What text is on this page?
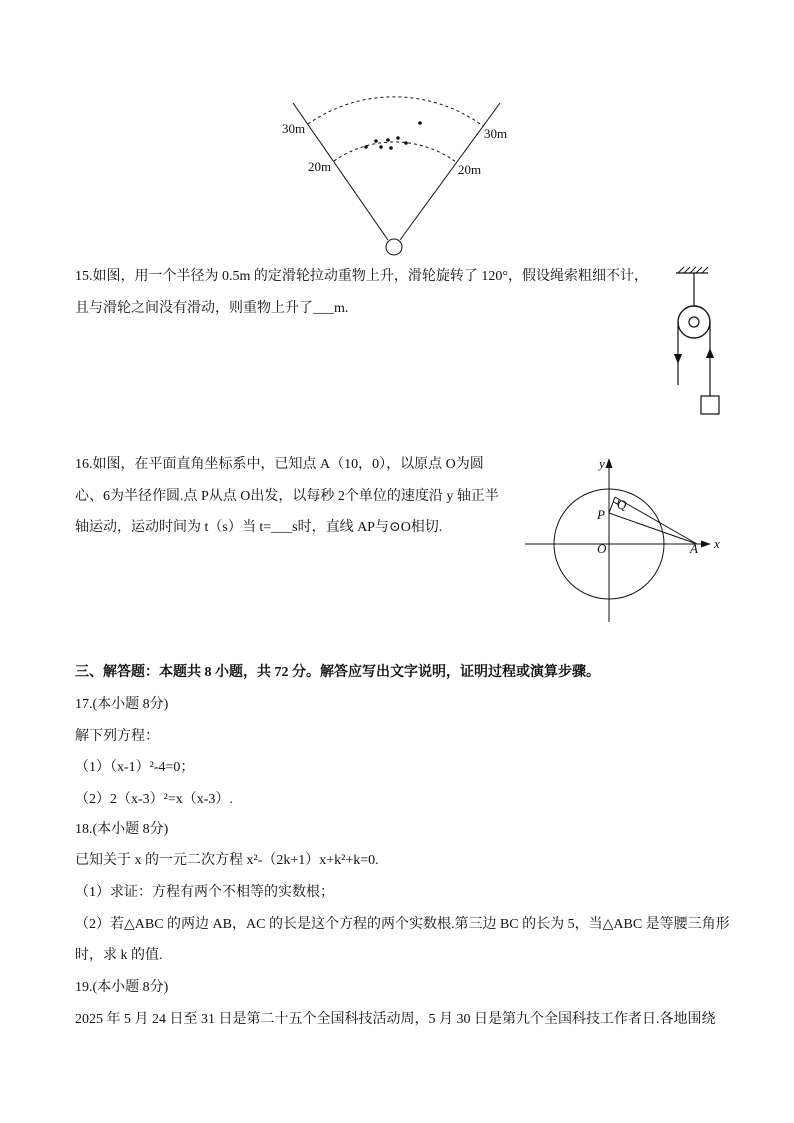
30m	30m
20m	20m
15.如图，用一个半径为 0.5m 的定滑轮拉动重物上升，滑轮旋转了 120°，假设绳索粗细不计，
且与滑轮之间没有滑动，则重物上升了___m.
16.如图，在平面直角坐标系中，已知点 A（10，0），以原点 O为圆
心、6为半径作圆.点 P从点 O出发，以每秒 2个单位的速度沿 y 轴正半
轴运动，运动时间为 t（s）当 t=___s时，直线 AP与⊙O相切.
y
x
O
P
Q
A
三、解答题：本题共 8 小题，共 72 分。解答应写出文字说明，证明过程或演算步骤。
17.(本小题 8分)
解下列方程：
（1）（x-1）²-4=0；
（2）2（x-3）²=x（x-3）.
18.(本小题 8分)
已知关于 x 的一元二次方程 x²-（2k+1）x+k²+k=0.
（1）求证：方程有两个不相等的实数根；
（2）若△ABC 的两边 AB，AC 的长是这个方程的两个实数根.第三边 BC 的长为 5，当△ABC 是等腰三角形
时，求 k 的值.
19.(本小题 8分)
2025 年 5 月 24 日至 31 日是第二十五个全国科技活动周，5 月 30 日是第九个全国科技工作者日.各地围绕
